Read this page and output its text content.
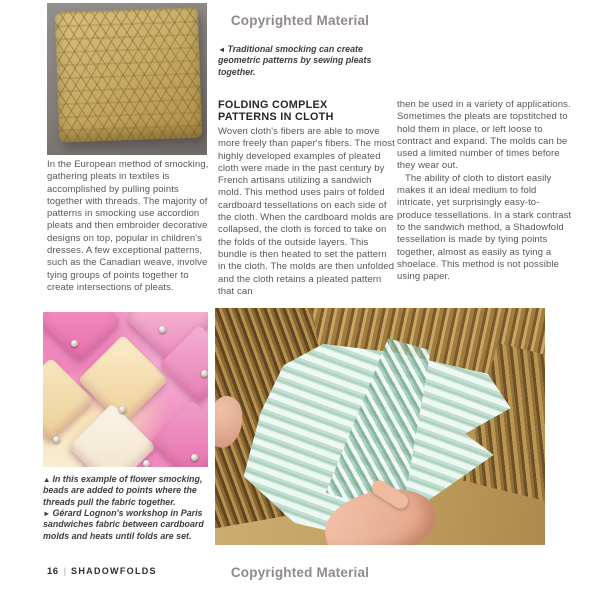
Copyrighted Material
◄ Traditional smocking can create geometric patterns by sewing pleats together.
In the European method of smocking, gathering pleats in textiles is accomplished by pulling points together with threads. The majority of patterns in smocking use accordion pleats and then embroider decorative designs on top, popular in children's dresses. A few exceptional patterns, such as the Canadian weave, involve tying groups of points together to create intersections of pleats.
FOLDING COMPLEX PATTERNS IN CLOTH
Woven cloth's fibers are able to move more freely than paper's fibers. The most highly developed examples of pleated cloth were made in the past century by French artisans utilizing a sandwich mold. This method uses pairs of folded cardboard tessellations on each side of the cloth. When the cardboard molds are collapsed, the cloth is forced to take on the folds of the outside layers. This bundle is then heated to set the pattern in the cloth. The molds are then unfolded and the cloth retains a pleated pattern that can

then be used in a variety of applications. Sometimes the pleats are topstitched to hold them in place, or left loose to contract and expand. The molds can be used a limited number of times before they wear out.

The ability of cloth to distort easily makes it an ideal medium to fold intricate, yet surprisingly easy-to-produce tessellations. In a stark contrast to the sandwich method, a Shadowfold tessellation is made by tying points together, almost as easily as tying a shoelace. This method is not possible using paper.

▲ In this example of flower smocking, beads are added to points where the threads pull the fabric together.
► Gérard Lognon's workshop in Paris sandwiches fabric between cardboard molds and heats until folds are set.
16 | SHADOWFOLDS	Copyrighted Material
